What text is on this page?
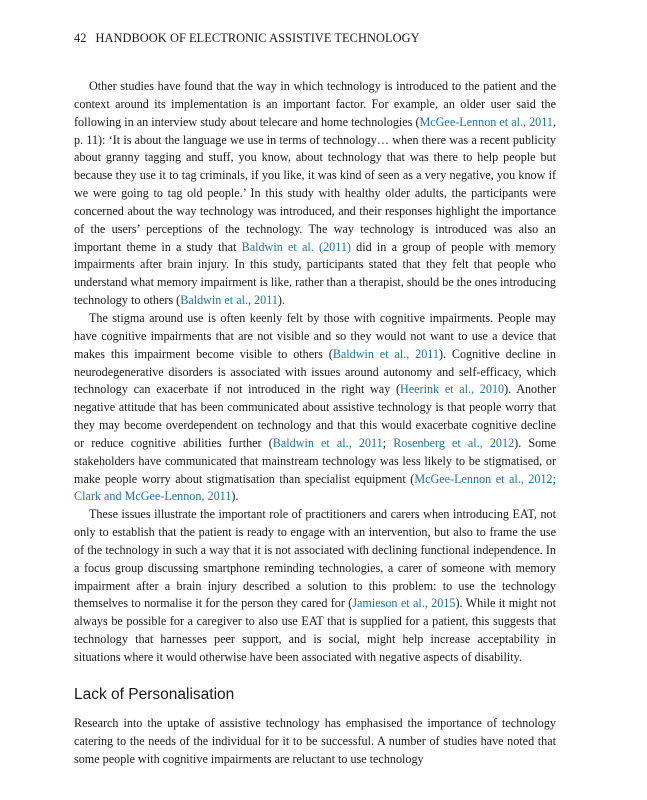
42 HANDBOOK OF ELECTRONIC ASSISTIVE TECHNOLOGY

Other studies have found that the way in which technology is introduced to the patient and the context around its implementation is an important factor. For example, an older user said the following in an interview study about telecare and home technologies (McGee-Lennon et al., 2011, p. 11): ‘It is about the language we use in terms of technology… when there was a recent publicity about granny tagging and stuff, you know, about technology that was there to help people but because they use it to tag criminals, if you like, it was kind of seen as a very negative, you know if we were going to tag old people.’ In this study with healthy older adults, the participants were concerned about the way technology was introduced, and their responses highlight the importance of the users’ perceptions of the technology. The way technology is introduced was also an important theme in a study that Baldwin et al. (2011) did in a group of people with memory impairments after brain injury. In this study, participants stated that they felt that people who understand what memory impairment is like, rather than a therapist, should be the ones introducing technology to others (Baldwin et al., 2011).

The stigma around use is often keenly felt by those with cognitive impairments. People may have cognitive impairments that are not visible and so they would not want to use a device that makes this impairment become visible to others (Baldwin et al., 2011). Cognitive decline in neurodegenerative disorders is associated with issues around autonomy and self-efficacy, which technology can exacerbate if not introduced in the right way (Heerink et al., 2010). Another negative attitude that has been communicated about assistive technology is that people worry that they may become overdependent on technology and that this would exacerbate cognitive decline or reduce cognitive abilities further (Baldwin et al., 2011; Rosenberg et al., 2012). Some stakeholders have communicated that mainstream technology was less likely to be stigmatised, or make people worry about stigmatisation than specialist equipment (McGee-Lennon et al., 2012; Clark and McGee-Lennon, 2011).

These issues illustrate the important role of practitioners and carers when introducing EAT, not only to establish that the patient is ready to engage with an intervention, but also to frame the use of the technology in such a way that it is not associated with declining functional independence. In a focus group discussing smartphone reminding technologies, a carer of someone with memory impairment after a brain injury described a solution to this problem: to use the technology themselves to normalise it for the person they cared for (Jamieson et al., 2015). While it might not always be possible for a caregiver to also use EAT that is supplied for a patient, this suggests that technology that harnesses peer support, and is social, might help increase acceptability in situations where it would otherwise have been associated with negative aspects of disability.

Lack of Personalisation

Research into the uptake of assistive technology has emphasised the importance of technology catering to the needs of the individual for it to be successful. A number of studies have noted that some people with cognitive impairments are reluctant to use technology
